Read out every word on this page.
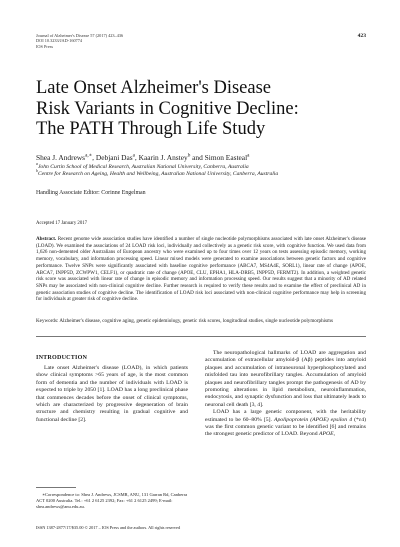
Journal of Alzheimer's Disease 57 (2017) 423–436
DOI 10.3233/JAD-160774
IOS Press
423
Late Onset Alzheimer's Disease
Risk Variants in Cognitive Decline:
The PATH Through Life Study
Shea J. Andrews$^{a,∗}$, Debjani Das$^a$, Kaarin J. Anstey$^b$ and Simon Easteal$^a$
$^a$John Curtin School of Medical Research, Australian National University, Canberra, Australia
$^b$Centre for Research on Ageing, Health and Wellbeing, Australian National University, Canberra, Australia
Handling Associate Editor: Corinne Engelman
Accepted 17 January 2017
Abstract. Recent genome wide association studies have identified a number of single nucleotide polymorphisms associated with late onset Alzheimer's disease (LOAD). We examined the associations of 24 LOAD risk loci, individually and collectively as a genetic risk score, with cognitive function. We used data from 1,626 non-demented older Australians of European ancestry who were examined up to four times over 12 years on tests assessing episodic memory, working memory, vocabulary, and information processing speed. Linear mixed models were generated to examine associations between genetic factors and cognitive performance. Twelve SNPs were significantly associated with baseline cognitive performance (ABCA7, MS4A4E, SORL1), linear rate of change (APOE, ABCA7, INPP5D, ZCWPW1, CELF1), or quadratic rate of change (APOE, CLU, EPHA1, HLA-DRB5, INPP5D, FERMT2). In addition, a weighted genetic risk score was associated with linear rate of change in episodic memory and information processing speed. Our results suggest that a minority of AD related SNPs may be associated with non-clinical cognitive decline. Further research is required to verify these results and to examine the effect of preclinical AD in genetic association studies of cognitive decline. The identification of LOAD risk loci associated with non-clinical cognitive performance may help in screening for individuals at greater risk of cognitive decline.
Keywords: Alzheimer's disease, cognitive aging, genetic epidemiology, genetic risk scores, longitudinal studies, single nucleotide polymorphisms
INTRODUCTION
Late onset Alzheimer's disease (LOAD), in which patients show clinical symptoms >65 years of age, is the most common form of dementia and the number of individuals with LOAD is expected to triple by 2050 [1]. LOAD has a long preclinical phase that commences decades before the onset of clinical symptoms, which are characterized by progressive degeneration of brain structure and chemistry resulting in gradual cognitive and functional decline [2].

The neuropathological hallmarks of LOAD are aggregation and accumulation of extracellular amyloid-β (Aβ) peptides into amyloid plaques and accumulation of intraneuronal hyperphosphorylated and misfolded tau into neurofibrillary tangles. Accumulation of amyloid plaques and neurofibrillary tangles prompt the pathogenesis of AD by promoting alterations in lipid metabolism, neuroinflammation, endocytosis, and synaptic dysfunction and loss that ultimately leads to neuronal cell death [3, 4].

LOAD has a large genetic component, with the heritability estimated to be 60–80% [5]. Apolipoprotein (APOE) epsilon 4 (*ε4) was the first common genetic variant to be identified [6] and remains the strongest genetic predictor of LOAD. Beyond APOE,

∗Correspondence to: Shea J. Andrews, JCSMR, ANU, 131 Garran Rd, Canberra ACT 0200 Australia. Tel.: +61 2 6125 2392; Fax: +61 2 6125 2499; E-mail: shea.andrews@anu.edu.au.
ISSN 1387-2877/17/$35.00 © 2017 – IOS Press and the authors. All rights reserved
